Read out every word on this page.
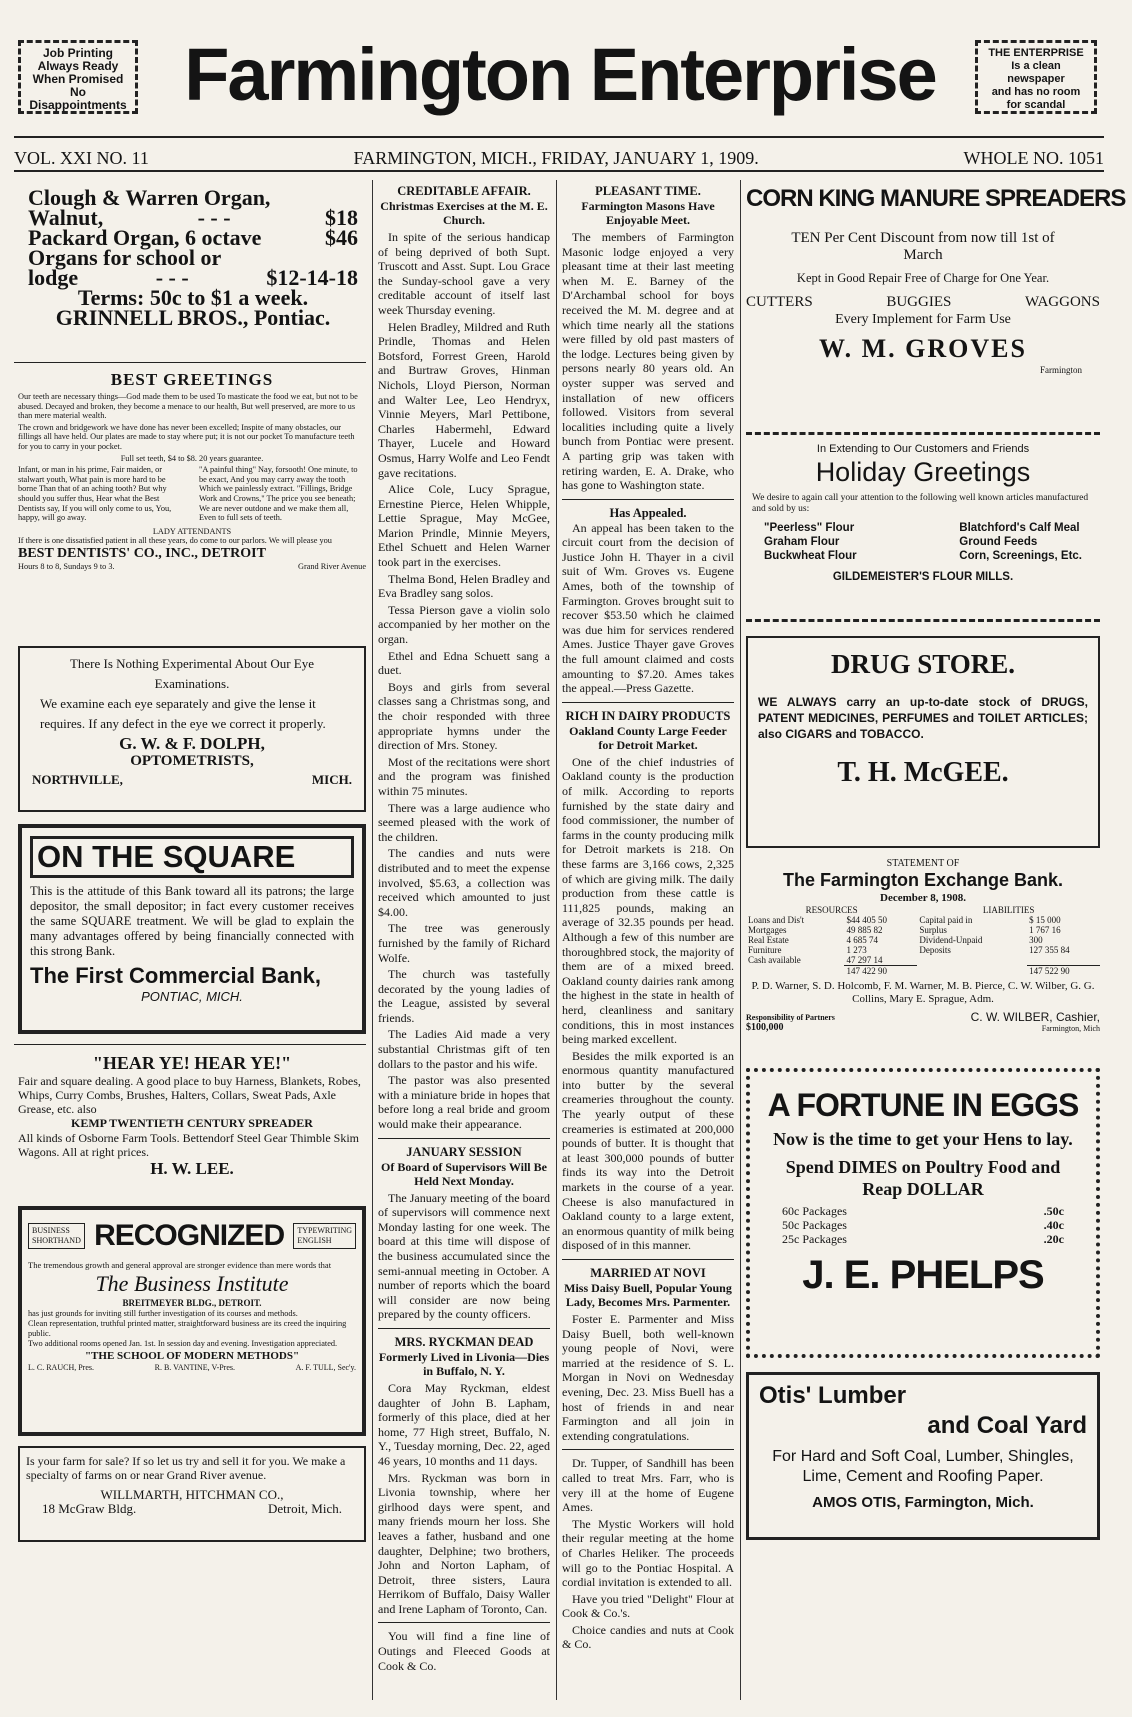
Job Printing
Always Ready
When Promised
No Disappointments Farmington Enterprise	THE ENTERPRISE
Is a clean newspaper
and has no room
for scandal
VOL. XXI NO. 11	FARMINGTON, MICH., FRIDAY, JANUARY 1, 1909.	WHOLE NO. 1051
Clough & Warren Organ,
Walnut,	- - -	$18
Packard Organ, 6 octave	$46
Organs for school or
lodge	- - -	$12-14-18
Terms: 50c to $1 a week.
GRINNELL BROS., Pontiac.
BEST GREETINGS
Our teeth are necessary things—God made them to be used To masticate the food we eat, but not to be abused. Decayed and broken, they become a menace to our health, But well preserved, are more to us than mere material wealth.
The crown and bridgework we have done has never been excelled; Inspite of many obstacles, our fillings all have held. Our plates are made to stay where put; it is not our pocket To manufacture teeth for you to carry in your pocket.
Full set teeth, $4 to $8. 20 years guarantee.
Infant, or man in his prime, Fair maiden, or stalwart youth, What pain is more hard to be borne Than that of an aching tooth? But why should you suffer thus, Hear what the Best Dentists say, If you will only come to us, You, happy, will go away.
"A painful thing" Nay, forsooth! One minute, to be exact, And you may carry away the tooth Which we painlessly extract. "Fillings, Bridge Work and Crowns," The price you see beneath; We are never outdone and we make them all, Even to full sets of teeth.
LADY ATTENDANTS
If there is one dissatisfied patient in all these years, do come to our parlors. We will please you
BEST DENTISTS' CO., INC., DETROIT
Hours 8 to 8, Sundays 9 to 3.	Grand River Avenue
There Is Nothing Experimental About Our Eye Examinations.
We examine each eye separately and give the lense it requires. If any defect in the eye we correct it properly.
G. W. & F. DOLPH,
OPTOMETRISTS,
NORTHVILLE,	MICH.
ON THE SQUARE
This is the attitude of this Bank toward all its patrons; the large depositor, the small depositor; in fact every customer receives the same SQUARE treatment. We will be glad to explain the many advantages offered by being financially connected with this strong Bank.
The First Commercial Bank,
PONTIAC, MICH.
"HEAR YE! HEAR YE!"
Fair and square dealing. A good place to buy Harness, Blankets, Robes, Whips, Curry Combs, Brushes, Halters, Collars, Sweat Pads, Axle Grease, etc. also
KEMP TWENTIETH CENTURY SPREADER
All kinds of Osborne Farm Tools. Bettendorf Steel Gear Thimble Skim Wagons. All at right prices.
H. W. LEE.
BUSINESS
SHORTHAND RECOGNIZED TYPEWRITING
ENGLISH
The tremendous growth and general approval are stronger evidence than mere words that
The Business Institute
BREITMEYER BLDG., DETROIT.
has just grounds for inviting still further investigation of its courses and methods.
Clean representation, truthful printed matter, straightforward business are its creed the inquiring public.
Two additional rooms opened Jan. 1st. In session day and evening. Investigation appreciated.
"THE SCHOOL OF MODERN METHODS"
L. C. RAUCH, Pres.	R. B. VANTINE, V-Pres.	A. F. TULL, Sec'y.
Is your farm for sale? If so let us try and sell it for you. We make a specialty of farms on or near Grand River avenue.
WILLMARTH, HITCHMAN CO.,
18 McGraw Bldg.	Detroit, Mich.
CREDITABLE AFFAIR.
Christmas Exercises at the M. E. Church.

In spite of the serious handicap of being deprived of both Supt. Truscott and Asst. Supt. Lou Grace the Sunday-school gave a very creditable account of itself last week Thursday evening.

Helen Bradley, Mildred and Ruth Prindle, Thomas and Helen Botsford, Forrest Green, Harold and Burtraw Groves, Hinman Nichols, Lloyd Pierson, Norman and Walter Lee, Leo Hendryx, Vinnie Meyers, Marl Pettibone, Charles Habermehl, Edward Thayer, Lucele and Howard Osmus, Harry Wolfe and Leo Fendt gave recitations.

Alice Cole, Lucy Sprague, Ernestine Pierce, Helen Whipple, Lettie Sprague, May McGee, Marion Prindle, Minnie Meyers, Ethel Schuett and Helen Warner took part in the exercises.

Thelma Bond, Helen Bradley and Eva Bradley sang solos.

Tessa Pierson gave a violin solo accompanied by her mother on the organ.

Ethel and Edna Schuett sang a duet.

Boys and girls from several classes sang a Christmas song, and the choir responded with three appropriate hymns under the direction of Mrs. Stoney.

Most of the recitations were short and the program was finished within 75 minutes.

There was a large audience who seemed pleased with the work of the children.

The candies and nuts were distributed and to meet the expense involved, $5.63, a collection was received which amounted to just $4.00.

The tree was generously furnished by the family of Richard Wolfe.

The church was tastefully decorated by the young ladies of the League, assisted by several friends.

The Ladies Aid made a very substantial Christmas gift of ten dollars to the pastor and his wife.

The pastor was also presented with a miniature bride in hopes that before long a real bride and groom would make their appearance.

JANUARY SESSION
Of Board of Supervisors Will Be Held Next Monday.

The January meeting of the board of supervisors will commence next Monday lasting for one week. The board at this time will dispose of the business accumulated since the semi-annual meeting in October. A number of reports which the board will consider are now being prepared by the county officers.

MRS. RYCKMAN DEAD
Formerly Lived in Livonia—Dies in Buffalo, N. Y.

Cora May Ryckman, eldest daughter of John B. Lapham, formerly of this place, died at her home, 77 High street, Buffalo, N. Y., Tuesday morning, Dec. 22, aged 46 years, 10 months and 11 days.

Mrs. Ryckman was born in Livonia township, where her girlhood days were spent, and many friends mourn her loss. She leaves a father, husband and one daughter, Delphine; two brothers, John and Norton Lapham, of Detroit, three sisters, Laura Herrikom of Buffalo, Daisy Waller and Irene Lapham of Toronto, Can.

You will find a fine line of Outings and Fleeced Goods at Cook & Co.

PLEASANT TIME.
Farmington Masons Have Enjoyable Meet.

The members of Farmington Masonic lodge enjoyed a very pleasant time at their last meeting when M. E. Barney of the D'Archambal school for boys received the M. M. degree and at which time nearly all the stations were filled by old past masters of the lodge. Lectures being given by persons nearly 80 years old. An oyster supper was served and installation of new officers followed. Visitors from several localities including quite a lively bunch from Pontiac were present. A parting grip was taken with retiring warden, E. A. Drake, who has gone to Washington state.

Has Appealed.

An appeal has been taken to the circuit court from the decision of Justice John H. Thayer in a civil suit of Wm. Groves vs. Eugene Ames, both of the township of Farmington. Groves brought suit to recover $53.50 which he claimed was due him for services rendered Ames. Justice Thayer gave Groves the full amount claimed and costs amounting to $7.20. Ames takes the appeal.—Press Gazette.

RICH IN DAIRY PRODUCTS
Oakland County Large Feeder for Detroit Market.

One of the chief industries of Oakland county is the production of milk. According to reports furnished by the state dairy and food commissioner, the number of farms in the county producing milk for Detroit markets is 218. On these farms are 3,166 cows, 2,325 of which are giving milk. The daily production from these cattle is 111,825 pounds, making an average of 32.35 pounds per head. Although a few of this number are thoroughbred stock, the majority of them are of a mixed breed. Oakland county dairies rank among the highest in the state in health of herd, cleanliness and sanitary conditions, this in most instances being marked excellent.

Besides the milk exported is an enormous quantity manufactured into butter by the several creameries throughout the county. The yearly output of these creameries is estimated at 200,000 pounds of butter. It is thought that at least 300,000 pounds of butter finds its way into the Detroit markets in the course of a year. Cheese is also manufactured in Oakland county to a large extent, an enormous quantity of milk being disposed of in this manner.

MARRIED AT NOVI
Miss Daisy Buell, Popular Young Lady, Becomes Mrs. Parmenter.

Foster E. Parmenter and Miss Daisy Buell, both well-known young people of Novi, were married at the residence of S. L. Morgan in Novi on Wednesday evening, Dec. 23. Miss Buell has a host of friends in and near Farmington and all join in extending congratulations.

Dr. Tupper, of Sandhill has been called to treat Mrs. Farr, who is very ill at the home of Eugene Ames.

The Mystic Workers will hold their regular meeting at the home of Charles Heliker. The proceeds will go to the Pontiac Hospital. A cordial invitation is extended to all.

Have you tried "Delight" Flour at Cook & Co.'s.

Choice candies and nuts at Cook & Co.

CORN KING MANURE SPREADERS
TEN Per Cent Discount from now till 1st of March
Kept in Good Repair Free of Charge for One Year.
CUTTERS	BUGGIES	WAGGONS
Every Implement for Farm Use
W. M. GROVES
Farmington
In Extending to Our Customers and Friends
Holiday Greetings
We desire to again call your attention to the following well known articles manufactured and sold by us:
"Peerless" Flour
Graham Flour
Buckwheat Flour
Blatchford's Calf Meal
Ground Feeds
Corn, Screenings, Etc.
GILDEMEISTER'S FLOUR MILLS.
DRUG STORE.
WE ALWAYS carry an up-to-date stock of DRUGS, PATENT MEDICINES, PERFUMES and TOILET ARTICLES; also CIGARS and TOBACCO.
T. H. McGEE.
STATEMENT OF
The Farmington Exchange Bank.
December 8, 1908.
RESOURCES		LIABILITIES	
Loans and Dis't	$44 405 50	Capital paid in	$ 15 000
Mortgages	49 885 82	Surplus	1 767 16
Real Estate	4 685 74	Dividend-Unpaid	300
Furniture	1 273	Deposits	127 355 84
Cash available	47 297 14		
	147 422 90		147 522 90
P. D. Warner, S. D. Holcomb, F. M. Warner, M. B. Pierce, C. W. Wilber, G. G. Collins, Mary E. Sprague, Adm.
Responsibility of Partners
$100,000
C. W. WILBER, Cashier,
Farmington, Mich
A FORTUNE IN EGGS
Now is the time to get your Hens to lay.
Spend DIMES on Poultry Food and Reap DOLLAR
60c Packages	.50c
50c Packages	.40c
25c Packages	.20c
J. E. PHELPS
Otis' Lumber
and Coal Yard
For Hard and Soft Coal, Lumber, Shingles, Lime, Cement and Roofing Paper.
AMOS OTIS, Farmington, Mich.
